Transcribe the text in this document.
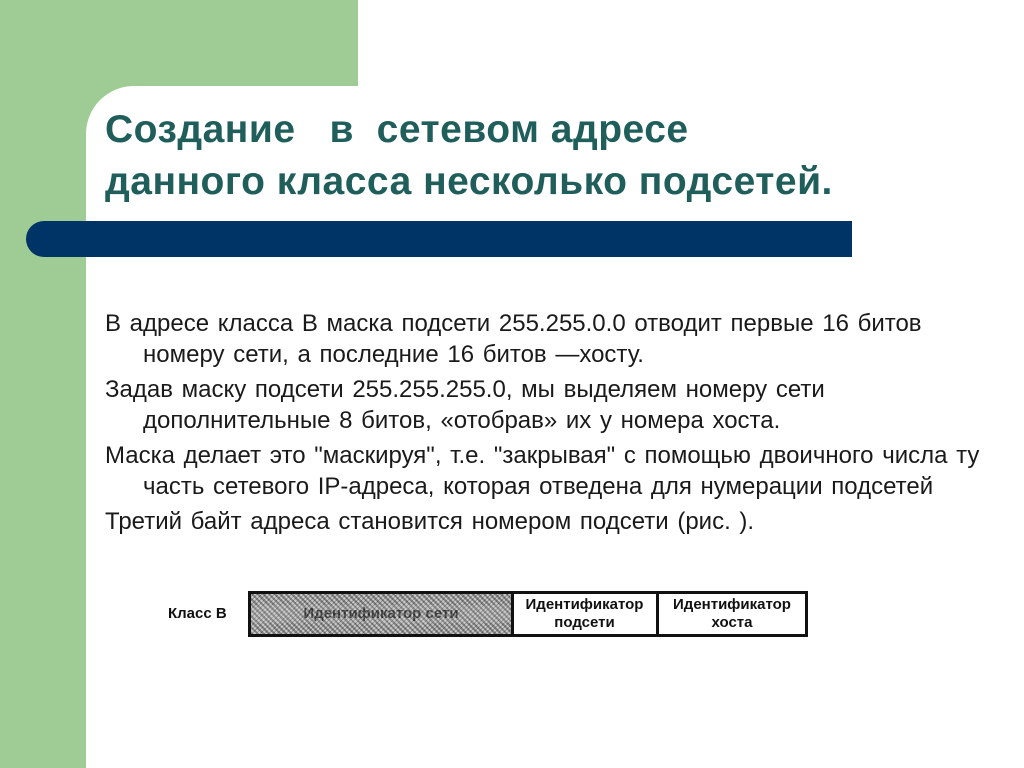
Создание   в  сетевом адресе
данного класса несколько подсетей.

В адресе класса В маска подсети 255.255.0.0 отводит первые 16 битов номеру сети, а последние 16 битов —хосту.

Задав маску подсети 255.255.255.0, мы выделяем номеру сети дополнительные 8 битов, «отобрав» их у номера хоста.

Маска делает это "маскируя", т.е. "закрывая" с помощью двоичного числа ту часть сетевого IP-адреса, которая отведена для нумерации подсетей

Третий байт адреса становится номером подсети (рис. ).

Класс В	Идентификатор сети
Идентификатор подсети
Идентификатор хоста
